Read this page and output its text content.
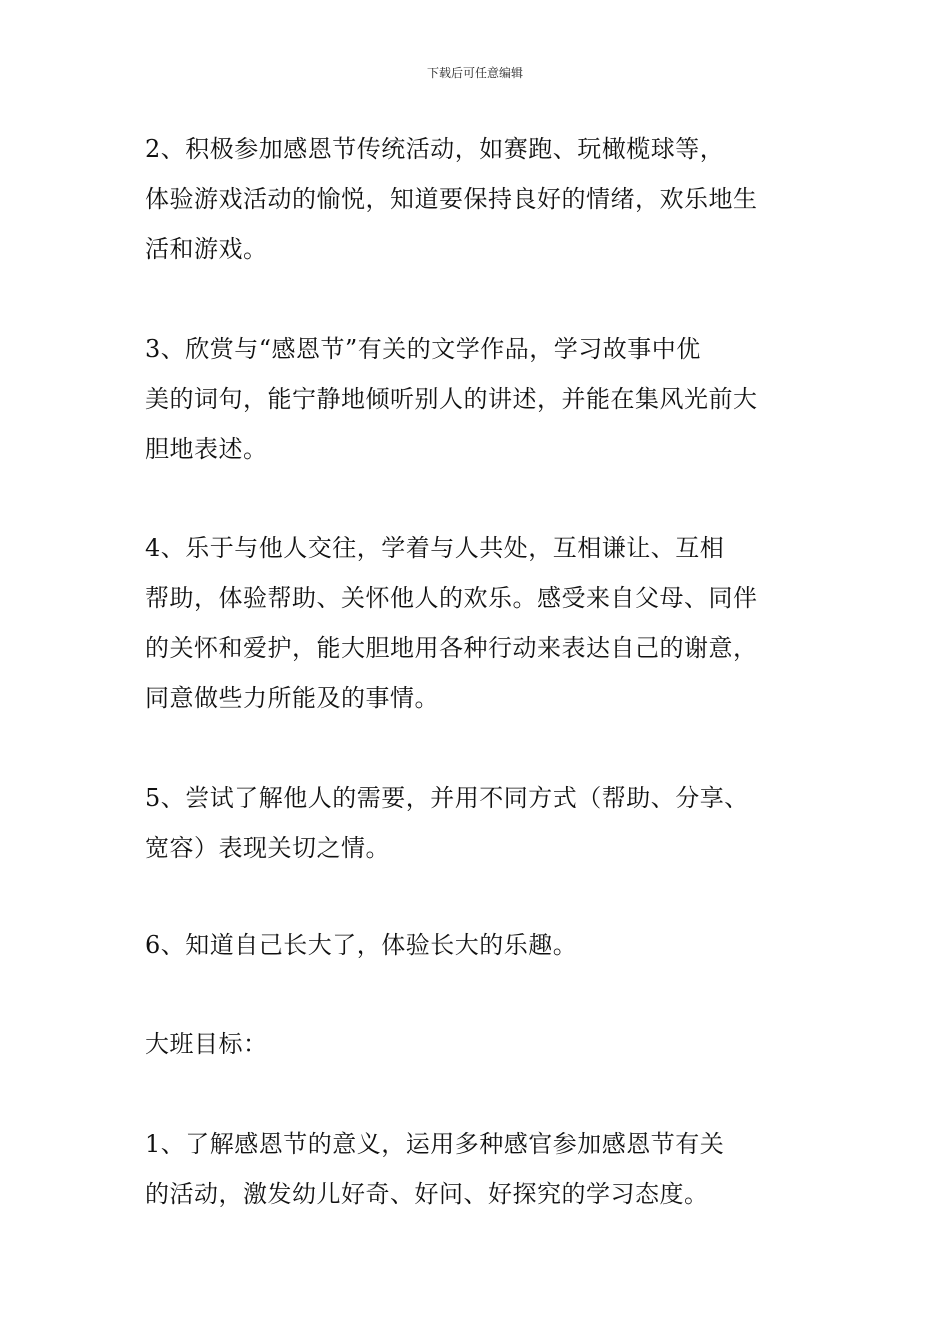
下载后可任意编辑
2、积极参加感恩节传统活动，如赛跑、玩橄榄球等，
体验游戏活动的愉悦，知道要保持良好的情绪，欢乐地生
活和游戏。
3、欣赏与“感恩节”有关的文学作品，学习故事中优
美的词句，能宁静地倾听别人的讲述，并能在集风光前大
胆地表述。
4、乐于与他人交往，学着与人共处，互相谦让、互相
帮助，体验帮助、关怀他人的欢乐。感受来自父母、同伴
的关怀和爱护，能大胆地用各种行动来表达自己的谢意，
同意做些力所能及的事情。
5、尝试了解他人的需要，并用不同方式（帮助、分享、
宽容）表现关切之情。
6、知道自己长大了，体验长大的乐趣。
大班目标：
1、了解感恩节的意义，运用多种感官参加感恩节有关
的活动，激发幼儿好奇、好问、好探究的学习态度。
